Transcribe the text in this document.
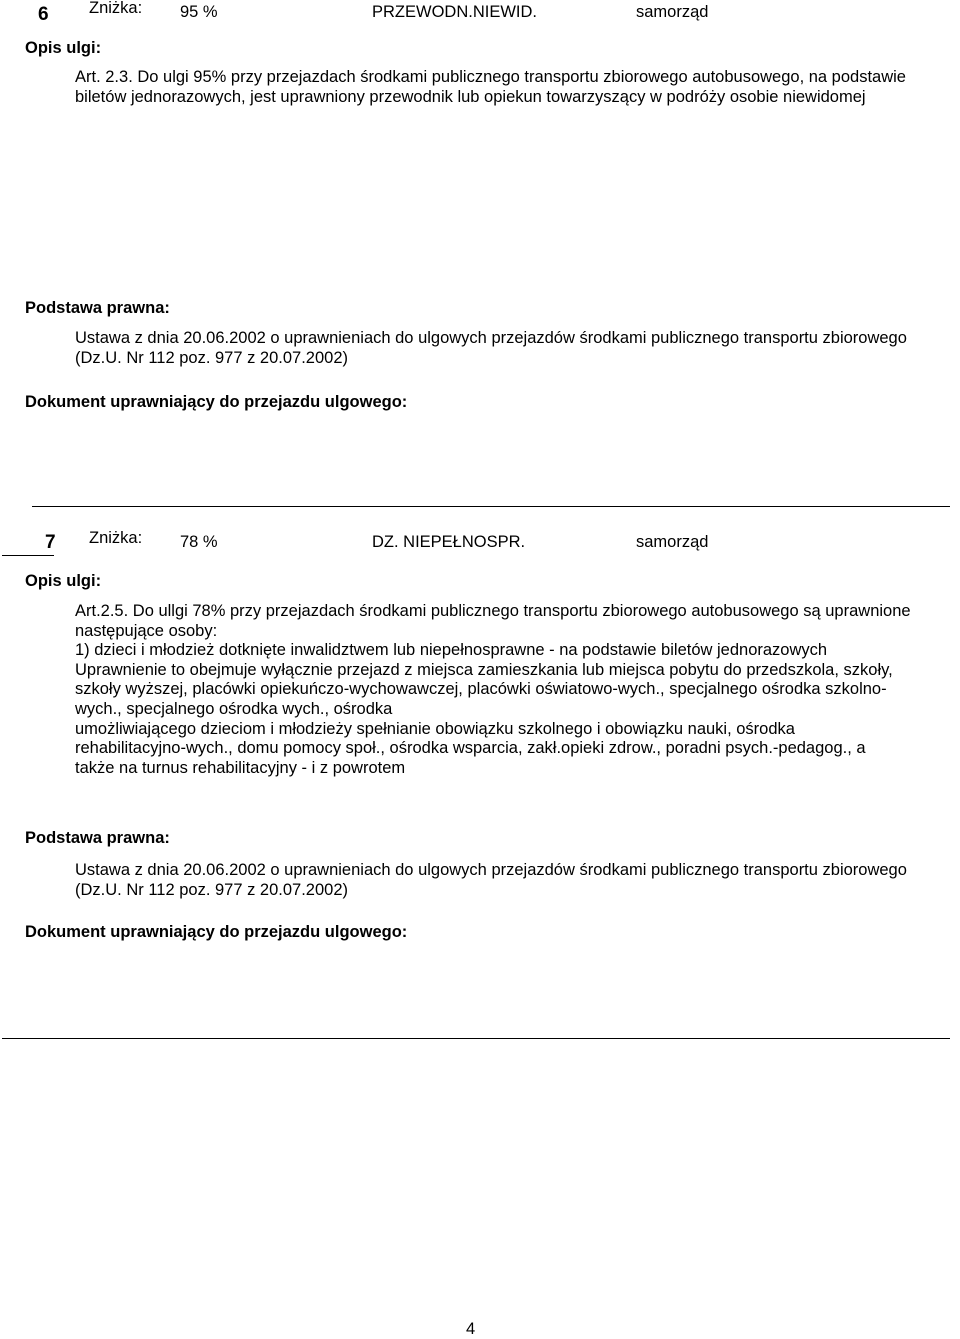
6 Zniżka: 95 %	PRZEWODN.NIEWID.	samorząd
Opis ulgi:
Art. 2.3. Do ulgi 95% przy przejazdach środkami publicznego transportu zbiorowego autobusowego, na podstawie
biletów jednorazowych, jest uprawniony przewodnik lub opiekun towarzyszący w podróży osobie niewidomej
Podstawa prawna:
Ustawa z dnia 20.06.2002 o uprawnieniach do ulgowych przejazdów środkami publicznego transportu zbiorowego
(Dz.U. Nr 112 poz. 977 z 20.07.2002)
Dokument uprawniający do przejazdu ulgowego:
7 Zniżka: 78 %	DZ. NIEPEŁNOSPR.	samorząd
Opis ulgi:
Art.2.5. Do ullgi 78% przy przejazdach środkami publicznego transportu zbiorowego autobusowego są uprawnione
następujące osoby:
1) dzieci i młodzież dotknięte inwalidztwem lub niepełnosprawne - na podstawie biletów jednorazowych
Uprawnienie to obejmuje wyłącznie przejazd z miejsca zamieszkania lub miejsca pobytu do przedszkola, szkoły,
szkoły wyższej, placówki opiekuńczo-wychowawczej, placówki oświatowo-wych., specjalnego ośrodka szkolno-
wych., specjalnego ośrodka wych., ośrodka
umożliwiającego dzieciom i młodzieży spełnianie obowiązku szkolnego i obowiązku nauki, ośrodka
rehabilitacyjno-wych., domu pomocy społ., ośrodka wsparcia, zakł.opieki zdrow., poradni psych.-pedagog., a
także na turnus rehabilitacyjny - i z powrotem
Podstawa prawna:
Ustawa z dnia 20.06.2002 o uprawnieniach do ulgowych przejazdów środkami publicznego transportu zbiorowego
(Dz.U. Nr 112 poz. 977 z 20.07.2002)
Dokument uprawniający do przejazdu ulgowego:
4
